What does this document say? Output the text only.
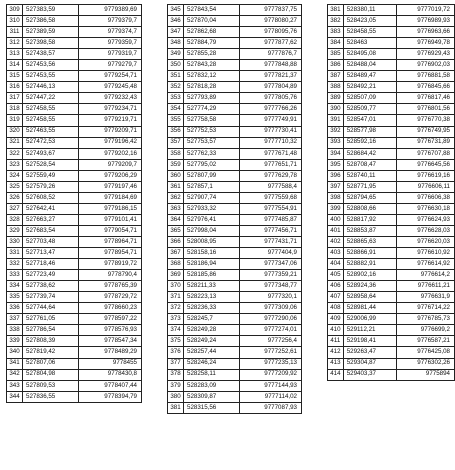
309	527383,59	9779389,69
310	527386,58	9779379,7
311	527389,59	9779374,7
312	527398,58	9779359,7
313	527438,57	9779319,7
314	527453,56	9779279,7
315	527453,55	9779254,71
316	527446,13	9779245,48
317	527447,22	9779232,43
318	527458,55	9779234,71
319	527458,55	9779219,71
320	527463,55	9779209,71
321	527472,53	9779196,42
322	527493,67	9779202,16
323	527528,54	9779209,7
324	527559,49	9779206,29
325	527579,26	9779197,46
326	527608,52	9779184,69
327	527642,41	9779186,15
328	527663,27	9779101,41
329	527683,54	9779054,71
330	527703,48	9778964,71
331	527713,47	9778954,71
332	527718,46	9778919,72
333	527723,49	9778790,4
334	527738,62	9778765,39
335	527739,74	9778729,72
336	527744,64	9778660,23
337	527761,05	9778597,22
338	527786,54	9778576,93
339	527808,39	9778547,34
340	527819,42	9778489,29
341	527807,06	9778455
342	527804,98	9778430,8
343	527809,53	9778407,44
344	527836,55	9778394,79
345	527843,54	9777837,75
346	527870,04	9778080,27
347	527862,68	9778095,76
348	527884,79	9777877,62
349	527855,28	9777876,7
350	527843,28	9777848,88
351	527832,12	9777821,37
352	527818,28	9777804,89
353	527793,89	9777805,76
354	527774,29	9777766,26
355	527758,58	9777749,91
356	527752,53	9777730,41
357	527753,57	9777710,32
358	527762,33	9777671,48
359	527795,02	9777651,71
360	527807,99	9777629,78
361	527857,1	9777588,4
362	527907,74	9777559,68
363	527933,32	9777554,91
364	527976,41	9777485,87
365	527998,04	9777456,71
366	528008,95	9777431,71
367	528158,16	9777404,9
368	528186,94	9777347,06
369	528185,86	9777359,21
370	528211,33	9777348,77
371	528223,13	9777320,1
372	528236,33	9777309,06
373	528245,7	9777290,06
374	528249,28	9777274,01
375	528249,24	9777256,4
376	528257,44	9777252,61
377	528246,24	9777235,13
378	528258,11	9777209,92
379	528283,09	9777144,93
380	528309,87	9777114,02
381	528315,56	9777087,93
381	528380,11	9777019,72
382	528423,05	9776989,93
383	528458,55	9776963,66
384	528463	9776949,78
385	528495,08	9776929,43
386	528488,04	9776902,03
387	528489,47	9776881,58
388	528492,21	9776845,66
389	528507,09	9776817,46
390	528509,77	9776801,56
391	528547,01	9776770,38
392	528577,98	9776749,95
393	528592,16	9776731,89
394	528684,42	9776707,88
395	528708,47	9776645,56
396	528740,11	9776619,16
397	528771,95	9776606,11
398	528794,65	9776606,38
399	528808,66	9776630,18
400	528817,92	9776624,93
401	528853,87	9776628,03
402	528865,63	9776620,03
403	528866,91	9776610,92
404	528882,91	9776614,92
405	528902,16	9776614,2
406	528924,36	9776611,21
407	528958,64	9776631,9
408	528981,44	9776714,22
409	529006,99	9776785,73
410	529112,21	9776699,2
411	529198,41	9776587,21
412	529263,47	9776425,08
413	529304,87	9776302,26
414	529403,37	9775894
